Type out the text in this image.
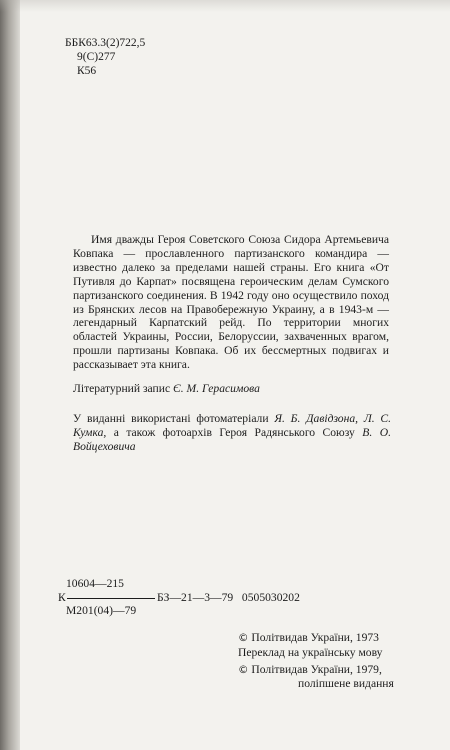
ББК63.3(2)722,5
9(С)277
К56

Имя дважды Героя Советского Союза Сидора Артемьевича Ковпака — прославленного партизанского командира — известно далеко за пределами нашей страны. Его книга «От Путивля до Карпат» посвящена героическим делам Сумского партизанского соединения. В 1942 году оно осуществило поход из Брянских лесов на Правобережную Украину, а в 1943-м — легендарный Карпатский рейд. По территории многих областей Украины, России, Белоруссии, захваченных врагом, прошли партизаны Ковпака. Об их бессмертных подвигах и рассказывает эта книга.

Літературний запис Є. М. Герасимова

У виданні використані фотоматеріали Я. Б. Давідзона, Л. С. Кумка, а також фотоархів Героя Радянського Союзу В. О. Войцеховича

10604—215
К	БЗ—21—3—79   0505030202
М201(04)—79
© Політвидав України, 1973
Переклад на українську мову
© Політвидав України, 1979,
поліпшене видання
